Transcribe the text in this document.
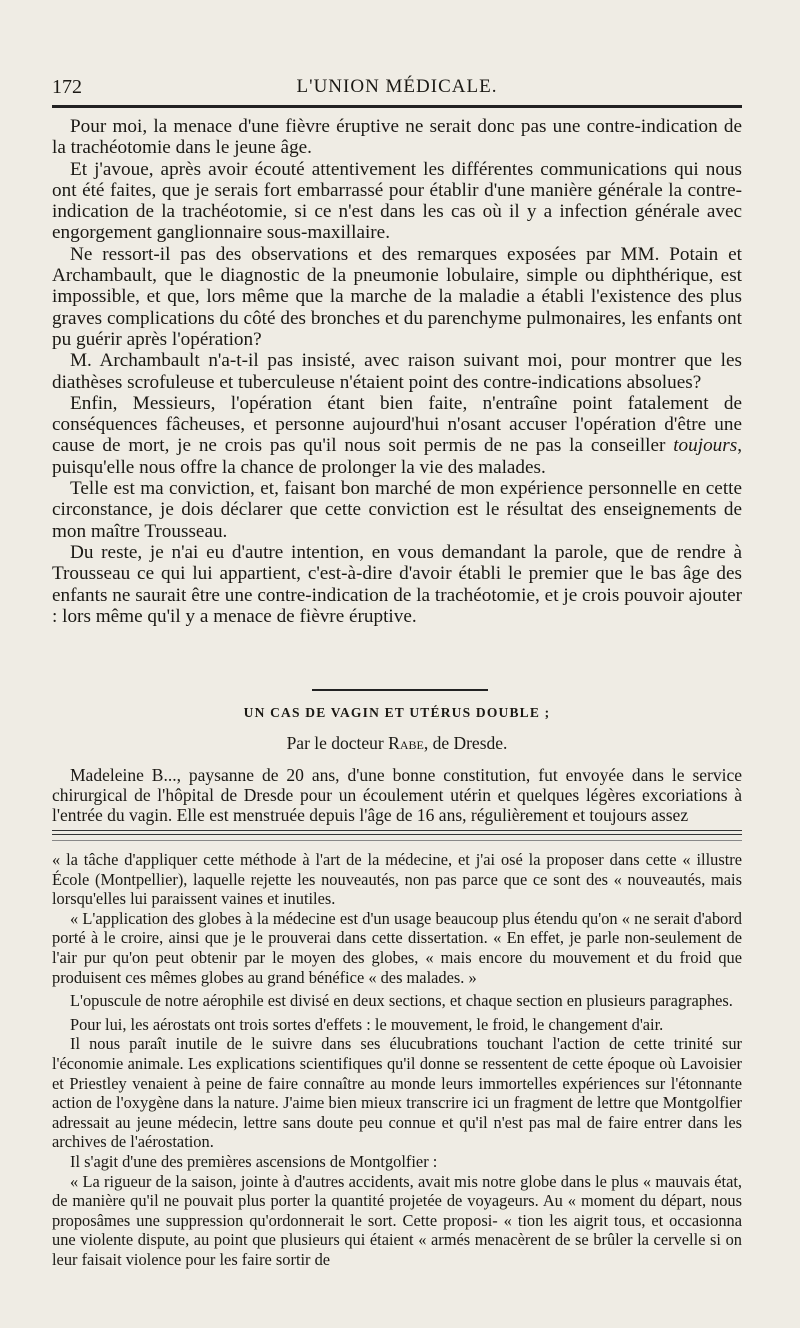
172	L'UNION MÉDICALE.

Pour moi, la menace d'une fièvre éruptive ne serait donc pas une contre-indication de la trachéotomie dans le jeune âge.

Et j'avoue, après avoir écouté attentivement les différentes communications qui nous ont été faites, que je serais fort embarrassé pour établir d'une manière générale la contre-indication de la trachéotomie, si ce n'est dans les cas où il y a infection générale avec engorgement ganglionnaire sous-maxillaire.

Ne ressort-il pas des observations et des remarques exposées par MM. Potain et Archambault, que le diagnostic de la pneumonie lobulaire, simple ou diphthérique, est impossible, et que, lors même que la marche de la maladie a établi l'existence des plus graves complications du côté des bronches et du parenchyme pulmonaires, les enfants ont pu guérir après l'opération?

M. Archambault n'a-t-il pas insisté, avec raison suivant moi, pour montrer que les diathèses scrofuleuse et tuberculeuse n'étaient point des contre-indications absolues?

Enfin, Messieurs, l'opération étant bien faite, n'entraîne point fatalement de conséquences fâcheuses, et personne aujourd'hui n'osant accuser l'opération d'être une cause de mort, je ne crois pas qu'il nous soit permis de ne pas la conseiller toujours, puisqu'elle nous offre la chance de prolonger la vie des malades.

Telle est ma conviction, et, faisant bon marché de mon expérience personnelle en cette circonstance, je dois déclarer que cette conviction est le résultat des enseignements de mon maître Trousseau.

Du reste, je n'ai eu d'autre intention, en vous demandant la parole, que de rendre à Trousseau ce qui lui appartient, c'est-à-dire d'avoir établi le premier que le bas âge des enfants ne saurait être une contre-indication de la trachéotomie, et je crois pouvoir ajouter : lors même qu'il y a menace de fièvre éruptive.

UN CAS DE VAGIN ET UTÉRUS DOUBLE ;
Par le docteur Rabe, de Dresde.

Madeleine B..., paysanne de 20 ans, d'une bonne constitution, fut envoyée dans le service chirurgical de l'hôpital de Dresde pour un écoulement utérin et quelques légères excoriations à l'entrée du vagin. Elle est menstruée depuis l'âge de 16 ans, régulièrement et toujours assez

« la tâche d'appliquer cette méthode à l'art de la médecine, et j'ai osé la proposer dans cette « illustre École (Montpellier), laquelle rejette les nouveautés, non pas parce que ce sont des « nouveautés, mais lorsqu'elles lui paraissent vaines et inutiles.

« L'application des globes à la médecine est d'un usage beaucoup plus étendu qu'on « ne serait d'abord porté à le croire, ainsi que je le prouverai dans cette dissertation. « En effet, je parle non-seulement de l'air pur qu'on peut obtenir par le moyen des globes, « mais encore du mouvement et du froid que produisent ces mêmes globes au grand bénéfice « des malades. »

L'opuscule de notre aérophile est divisé en deux sections, et chaque section en plusieurs paragraphes.

Pour lui, les aérostats ont trois sortes d'effets : le mouvement, le froid, le changement d'air.

Il nous paraît inutile de le suivre dans ses élucubrations touchant l'action de cette trinité sur l'économie animale. Les explications scientifiques qu'il donne se ressentent de cette époque où Lavoisier et Priestley venaient à peine de faire connaître au monde leurs immortelles expériences sur l'étonnante action de l'oxygène dans la nature. J'aime bien mieux transcrire ici un fragment de lettre que Montgolfier adressait au jeune médecin, lettre sans doute peu connue et qu'il n'est pas mal de faire entrer dans les archives de l'aérostation.

Il s'agit d'une des premières ascensions de Montgolfier :

« La rigueur de la saison, jointe à d'autres accidents, avait mis notre globe dans le plus « mauvais état, de manière qu'il ne pouvait plus porter la quantité projetée de voyageurs. Au « moment du départ, nous proposâmes une suppression qu'ordonnerait le sort. Cette proposi- « tion les aigrit tous, et occasionna une violente dispute, au point que plusieurs qui étaient « armés menacèrent de se brûler la cervelle si on leur faisait violence pour les faire sortir de
